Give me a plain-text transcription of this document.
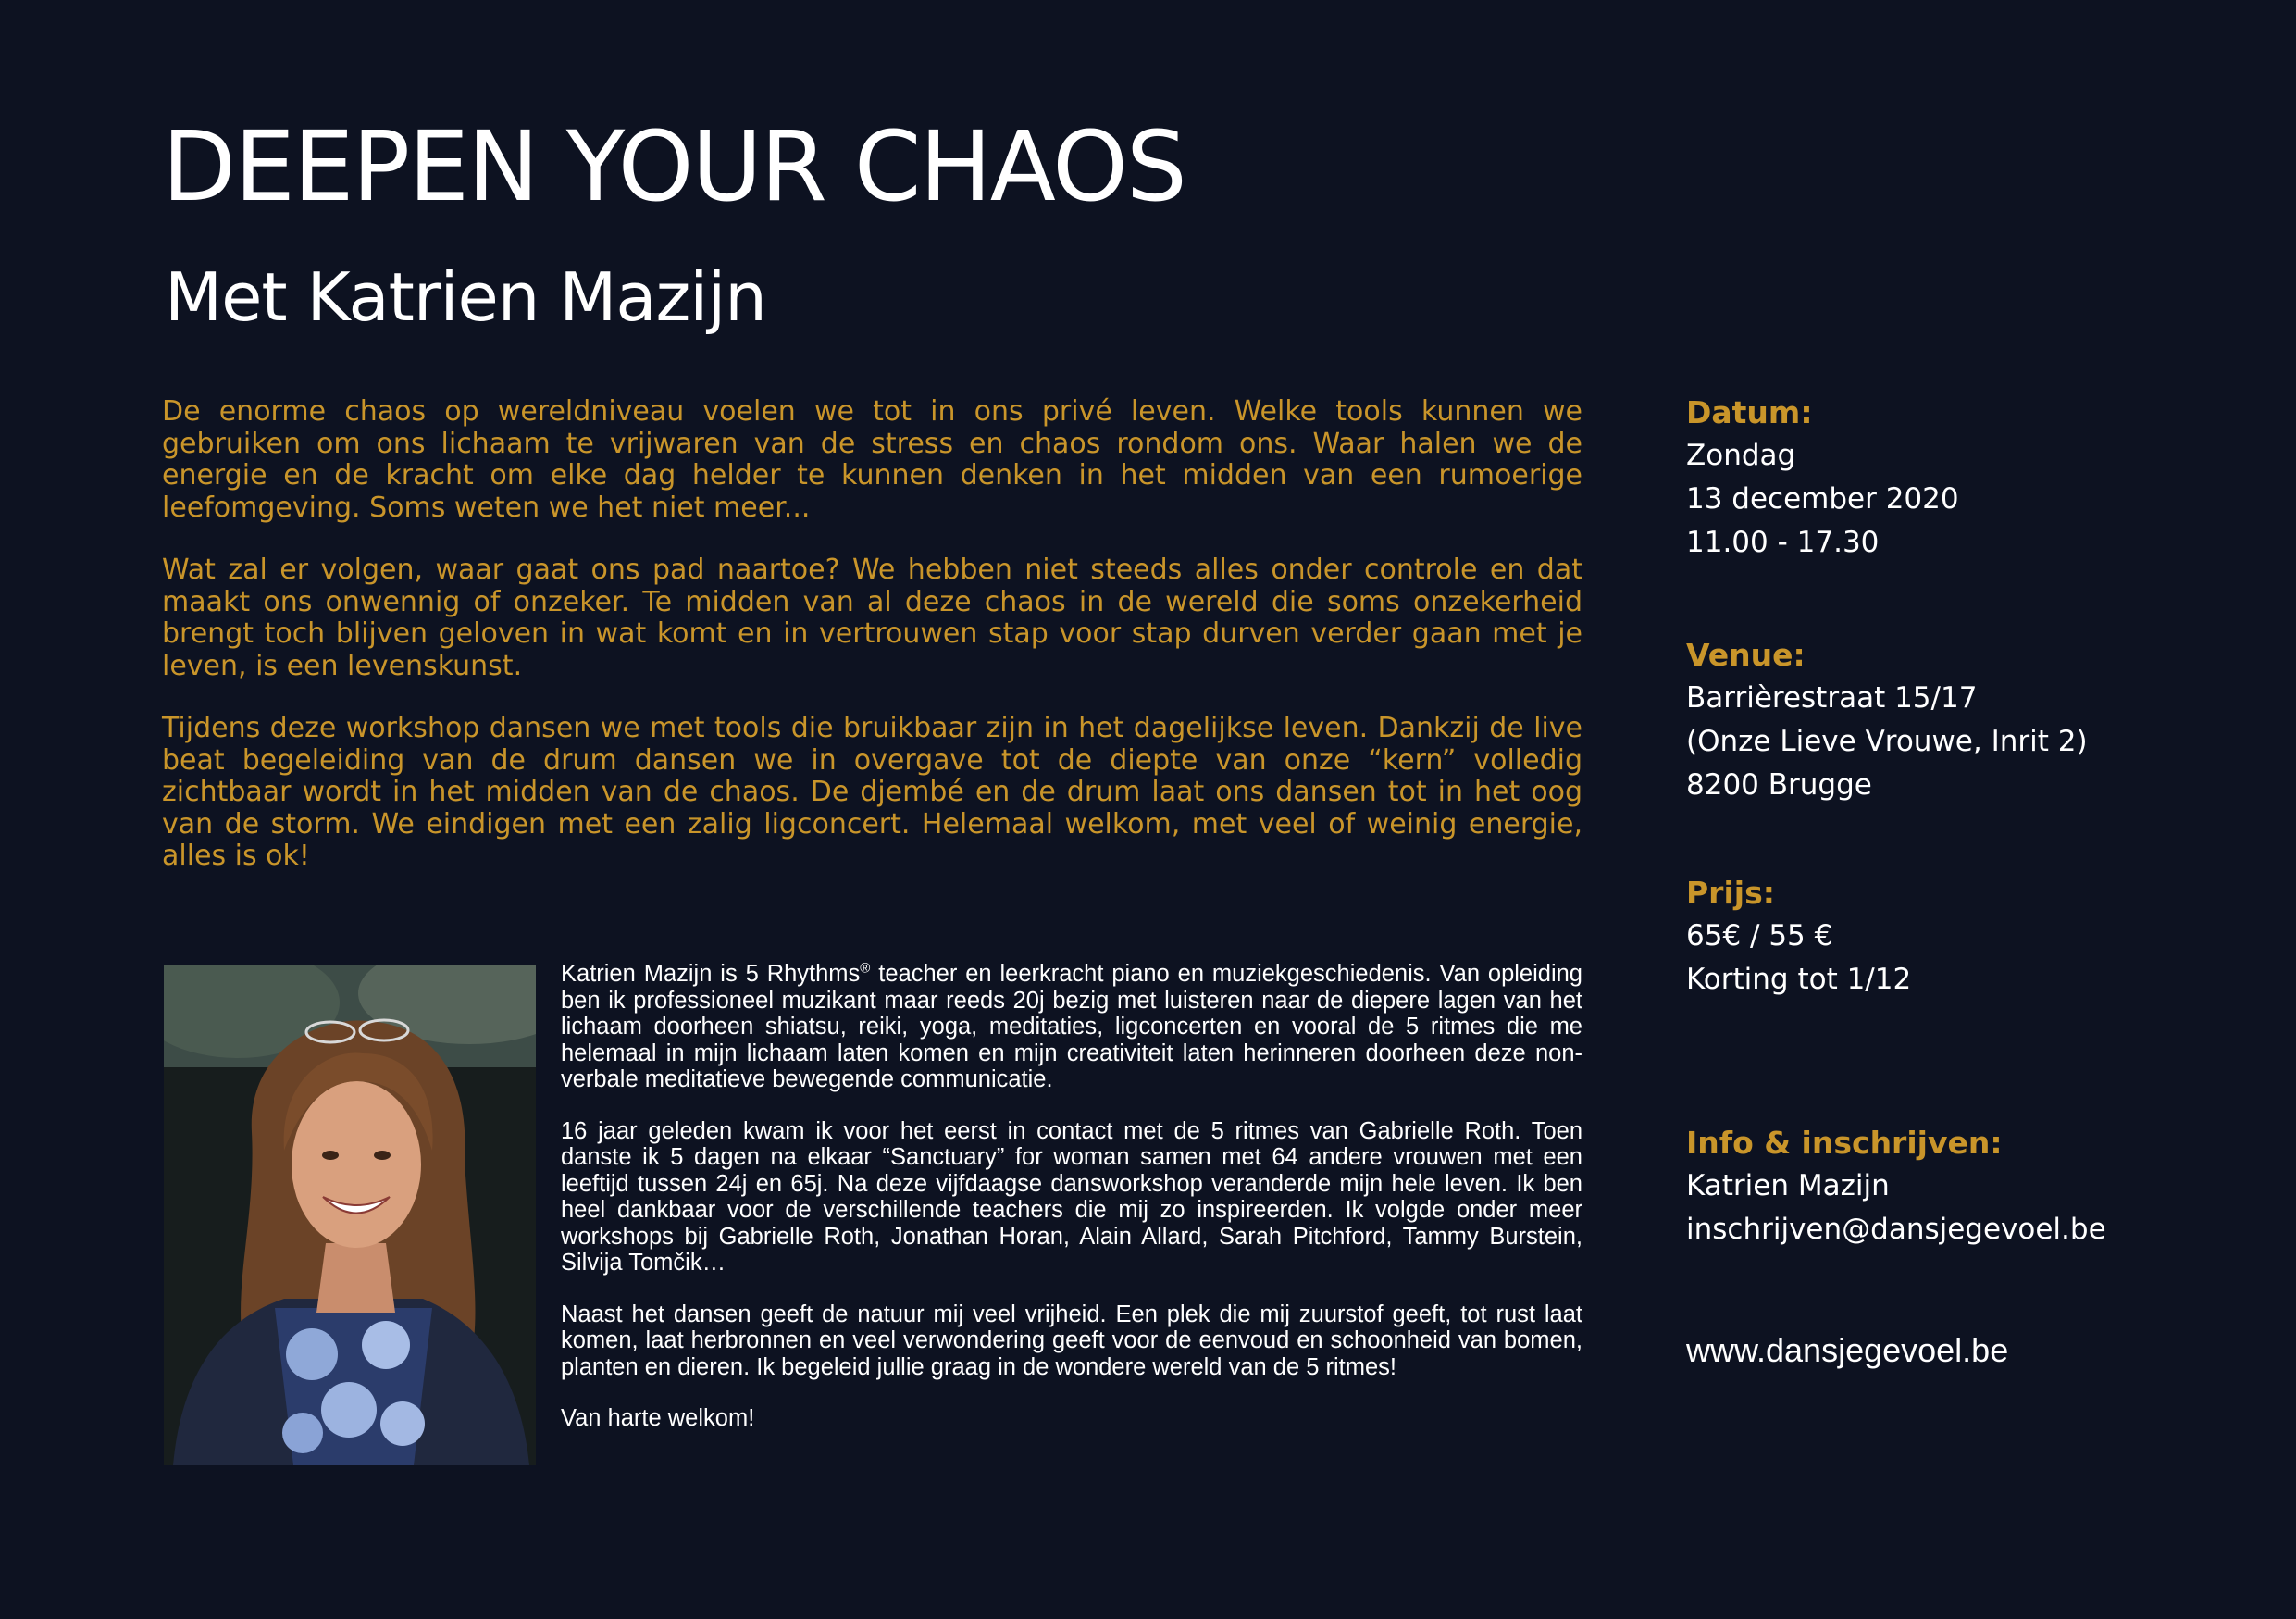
DEEPEN YOUR CHAOS
Met Katrien Mazijn

De enorme chaos op wereldniveau voelen we tot in ons privé leven. Welke tools kunnen we gebruiken om ons lichaam te vrijwaren van de stress en chaos rondom ons. Waar halen we de energie en de kracht om elke dag helder te kunnen denken in het midden van een rumoerige leefomgeving. Soms weten we het niet meer...

Wat zal er volgen, waar gaat ons pad naartoe? We hebben niet steeds alles onder controle en dat maakt ons onwennig of onzeker. Te midden van al deze chaos in de wereld die soms onzekerheid brengt toch blijven geloven in wat komt en in vertrouwen stap voor stap durven verder gaan met je leven, is een levenskunst.

Tijdens deze workshop dansen we met tools die bruikbaar zijn in het dagelijkse leven. Dankzij de live beat begeleiding van de drum dansen we in overgave tot de diepte van onze “kern” volledig zichtbaar wordt in het midden van de chaos. De djembé en de drum laat ons dansen tot in het oog van de storm. We eindigen met een zalig ligconcert. Helemaal welkom, met veel of weinig energie, alles is ok!

Katrien Mazijn is 5 Rhythms® teacher en leerkracht piano en muziekgeschiedenis. Van opleiding ben ik professioneel muzikant maar reeds 20j bezig met luisteren naar de diepere lagen van het lichaam doorheen shiatsu, reiki, yoga, meditaties, ligconcerten en vooral de 5 ritmes die me helemaal in mijn lichaam laten komen en mijn creativiteit laten herinneren doorheen deze non-verbale meditatieve bewegende communicatie.

16 jaar geleden kwam ik voor het eerst in contact met de 5 ritmes van Gabrielle Roth. Toen danste ik 5 dagen na elkaar “Sanctuary” for woman samen met 64 andere vrouwen met een leeftijd tussen 24j en 65j. Na deze vijfdaagse dansworkshop veranderde mijn hele leven. Ik ben heel dankbaar voor de verschillende teachers die mij zo inspireerden. Ik volgde onder meer workshops bij Gabrielle Roth, Jonathan Horan, Alain Allard, Sarah Pitchford, Tammy Burstein, Silvija Tomčik…

Naast het dansen geeft de natuur mij veel vrijheid. Een plek die mij zuurstof geeft, tot rust laat komen, laat herbronnen en veel verwondering geeft voor de eenvoud en schoonheid van bomen, planten en dieren. Ik begeleid jullie graag in de wondere wereld van de 5 ritmes!

Van harte welkom!

Datum:
Zondag
13 december 2020
11.00 - 17.30
Venue:
Barrièrestraat 15/17
(Onze Lieve Vrouwe, Inrit 2)
8200 Brugge
Prijs:
65€ / 55 €
Korting tot 1/12
Info & inschrijven:
Katrien Mazijn
inschrijven@dansjegevoel.be
www.dansjegevoel.be
